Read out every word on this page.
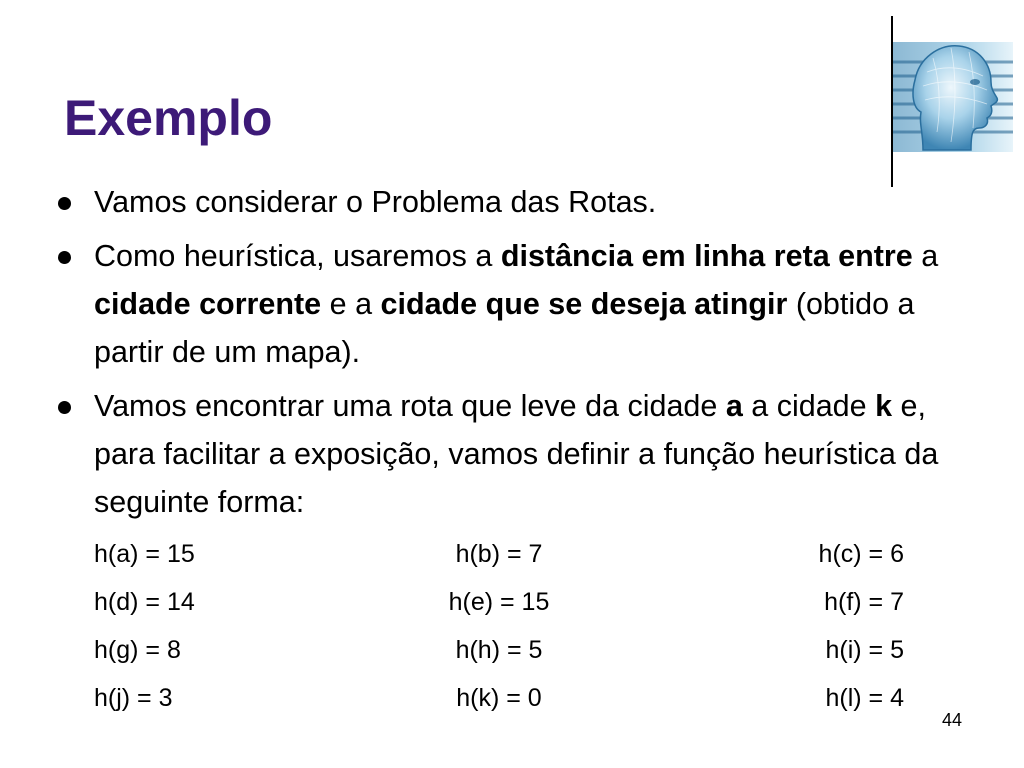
Exemplo
Vamos considerar o Problema das Rotas.
Como heurística, usaremos a distância em linha reta entre a cidade corrente e a cidade que se deseja atingir (obtido a partir de um mapa).
Vamos encontrar uma rota que leve da cidade a a cidade k e, para facilitar a exposição, vamos definir a função heurística da seguinte forma:
h(a) = 15	h(b) = 7	h(c) = 6
h(d) = 14	h(e) = 15	h(f) = 7
h(g) = 8	h(h) = 5	h(i) = 5
h(j) = 3	h(k) = 0	h(l) = 4
44
